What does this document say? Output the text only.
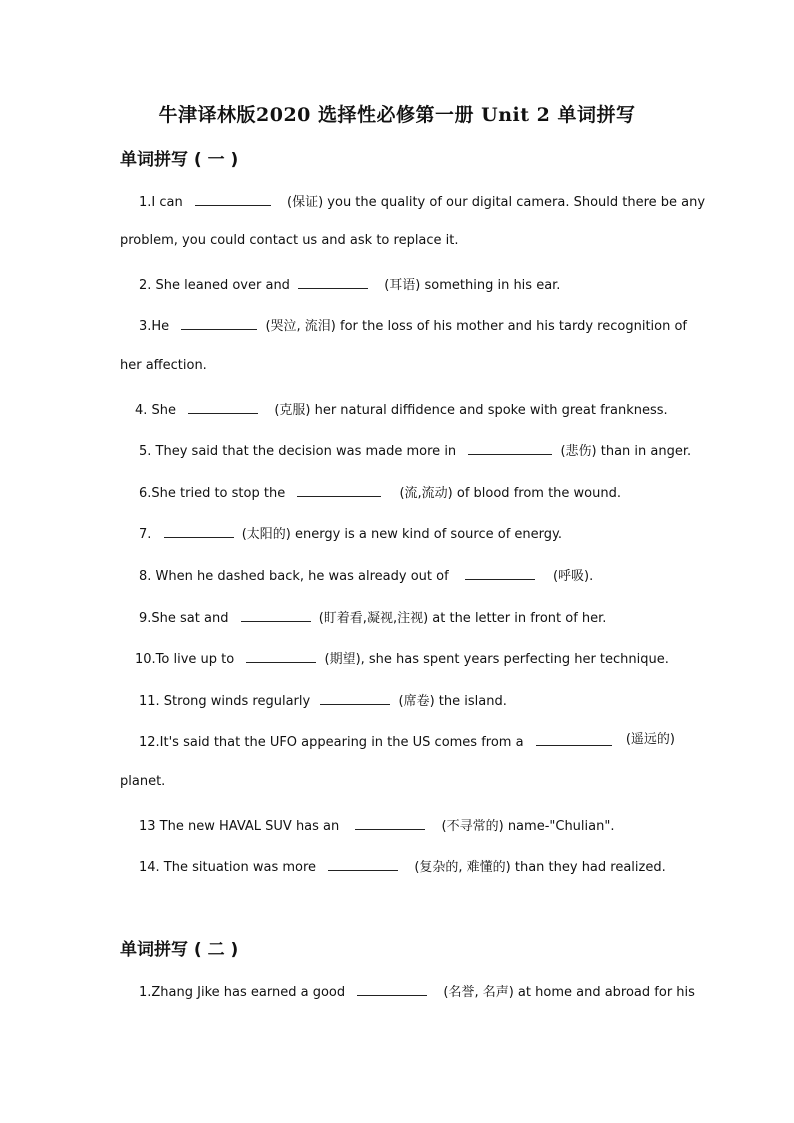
牛津译林版2020 选择性必修第一册 Unit 2 单词拼写
单词拼写 ( 一 )
1.I can	(保证) you the quality of our digital camera. Should there be any
problem, you could contact us and ask to replace it.
2. She leaned over and	(耳语) something in his ear.
3.He	(哭泣, 流泪) for the loss of his mother and his tardy recognition of
her affection.
4. She	(克服) her natural diffidence and spoke with great frankness.
5. They said that the decision was made more in	(悲伤) than in anger.
6.She tried to stop the	(流,流动) of blood from the wound.
7.	(太阳的) energy is a new kind of source of energy.
8. When he dashed back, he was already out of	(呼吸).
9.She sat and	(盯着看,凝视,注视) at the letter in front of her.
10.To live up to	(期望), she has spent years perfecting her technique.
11. Strong winds regularly	(席卷) the island.
12.It's said that the UFO appearing in the US comes from a	(遥远的)
planet.
13 The new HAVAL SUV has an	(不寻常的) name-"Chulian".
14. The situation was more	(复杂的, 难懂的) than they had realized.
单词拼写 ( 二 )
1.Zhang Jike has earned a good	(名誉, 名声) at home and abroad for his
